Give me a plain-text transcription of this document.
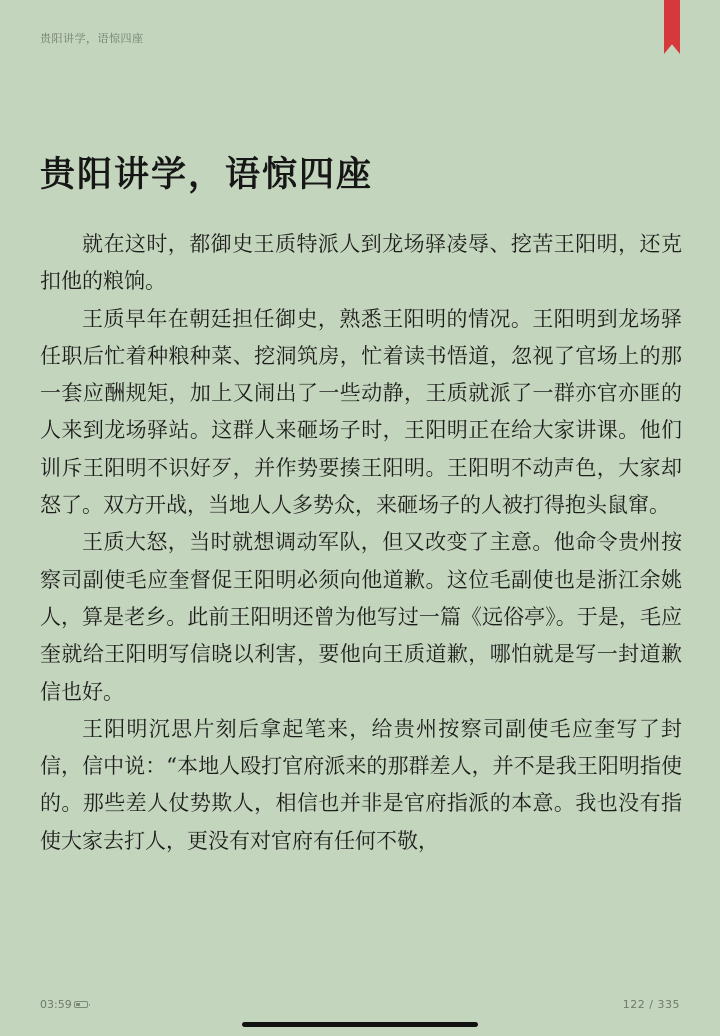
贵阳讲学，语惊四座
贵阳讲学，语惊四座

就在这时，都御史王质特派人到龙场驿凌辱、挖苦王阳明，还克扣他的粮饷。

王质早年在朝廷担任御史，熟悉王阳明的情况。王阳明到龙场驿任职后忙着种粮种菜、挖洞筑房，忙着读书悟道，忽视了官场上的那一套应酬规矩，加上又闹出了一些动静，王质就派了一群亦官亦匪的人来到龙场驿站。这群人来砸场子时，王阳明正在给大家讲课。他们训斥王阳明不识好歹，并作势要揍王阳明。王阳明不动声色，大家却怒了。双方开战，当地人人多势众，来砸场子的人被打得抱头鼠窜。

王质大怒，当时就想调动军队，但又改变了主意。他命令贵州按察司副使毛应奎督促王阳明必须向他道歉。这位毛副使也是浙江余姚人，算是老乡。此前王阳明还曾为他写过一篇《远俗亭》。于是，毛应奎就给王阳明写信晓以利害，要他向王质道歉，哪怕就是写一封道歉信也好。

王阳明沉思片刻后拿起笔来，给贵州按察司副使毛应奎写了封信，信中说：“本地人殴打官府派来的那群差人，并不是我王阳明指使的。那些差人仗势欺人，相信也并非是官府指派的本意。我也没有指使大家去打人，更没有对官府有任何不敬，

03:59	122 / 335
